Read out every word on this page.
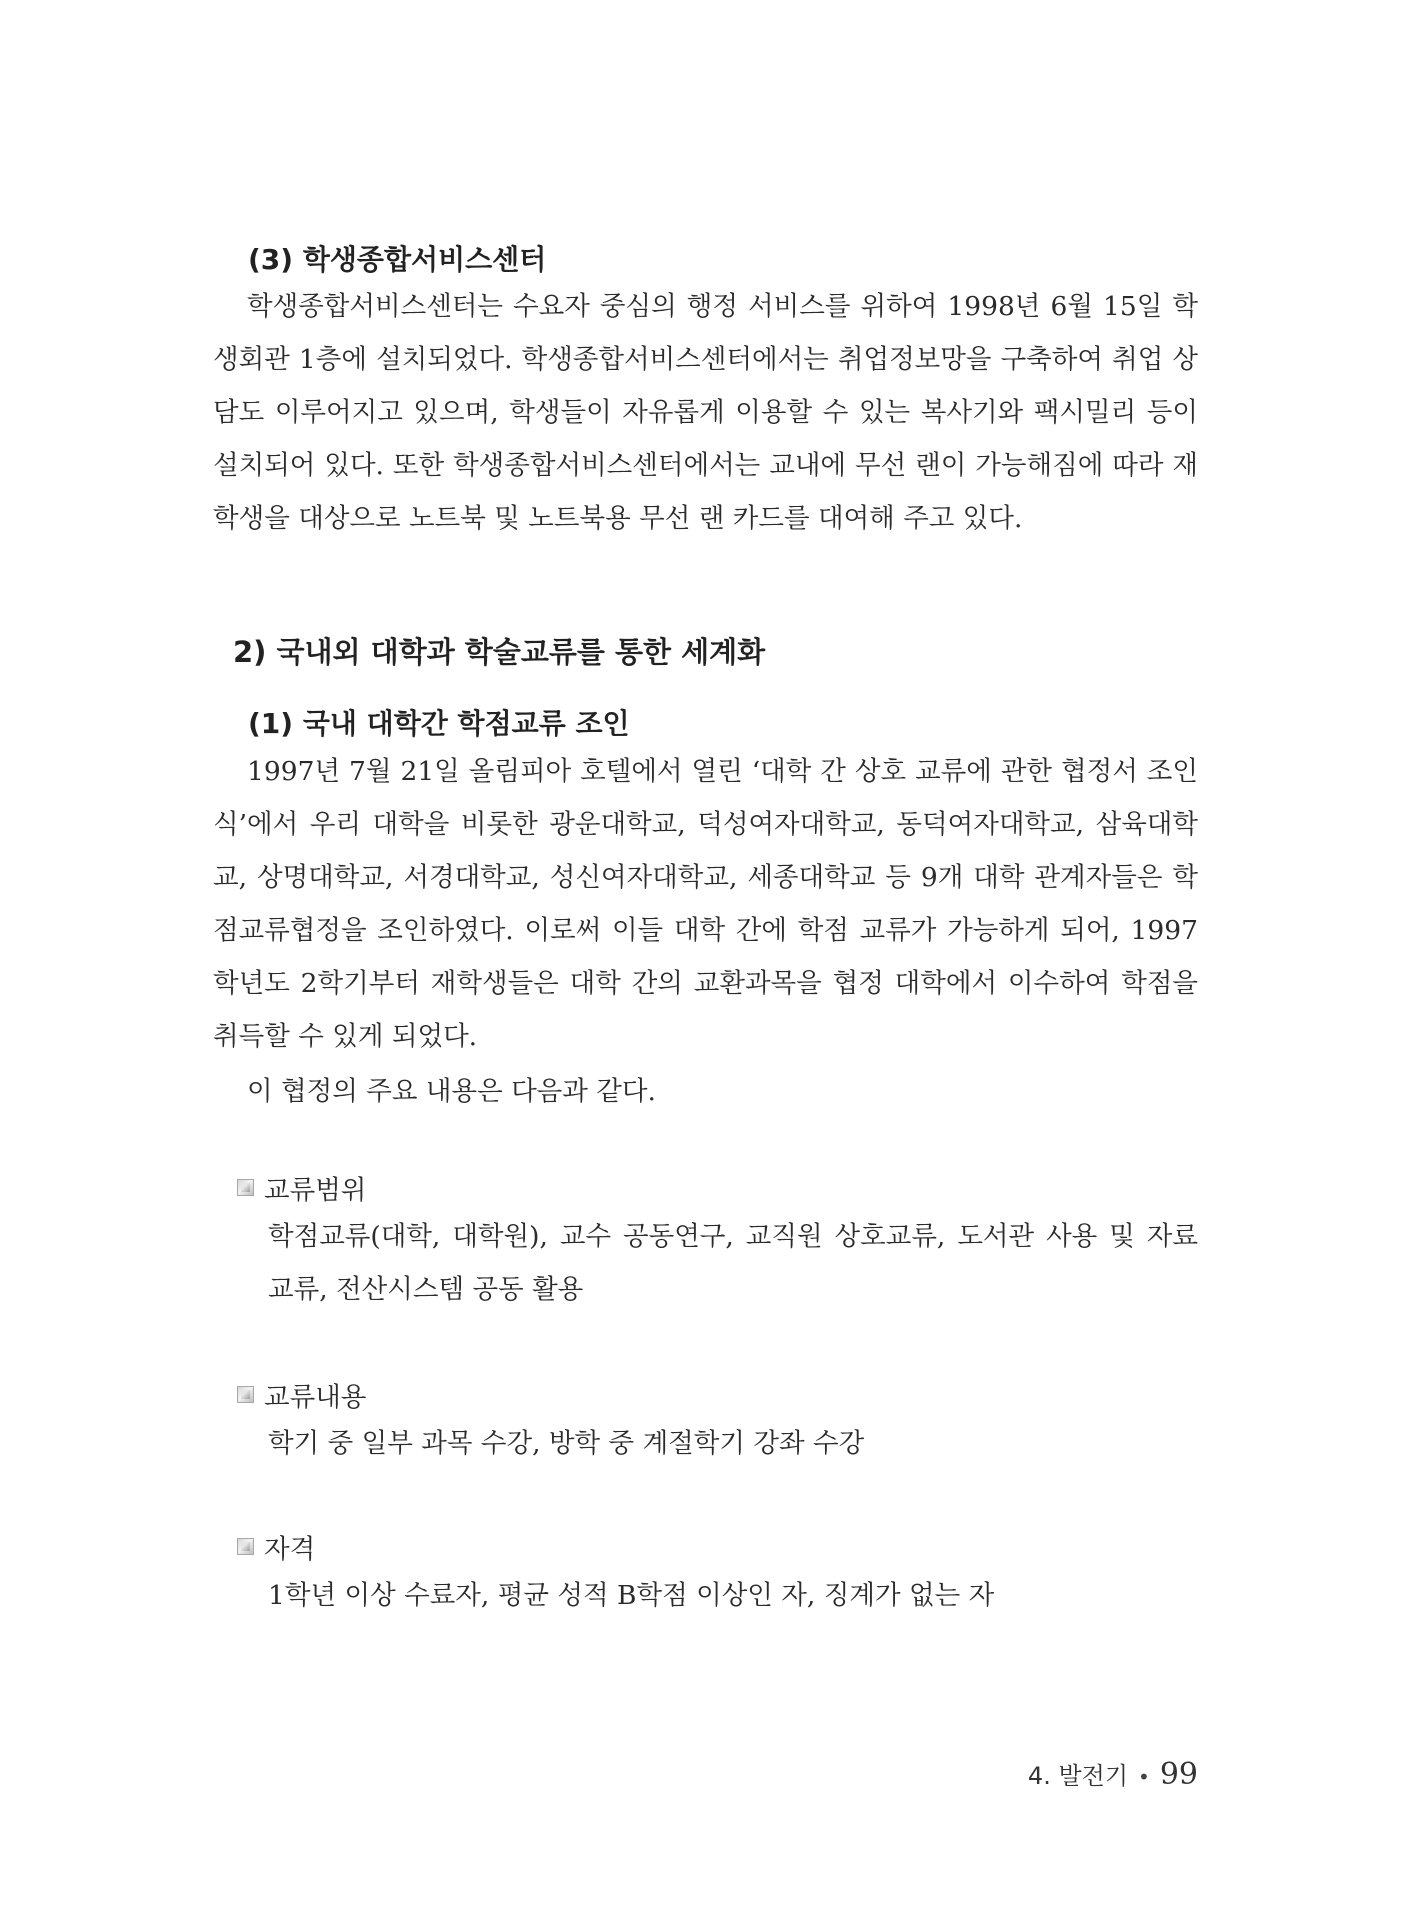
(3) 학생종합서비스센터

학생종합서비스센터는 수요자 중심의 행정 서비스를 위하여 1998년 6월 15일 학생회관 1층에 설치되었다. 학생종합서비스센터에서는 취업정보망을 구축하여 취업 상담도 이루어지고 있으며, 학생들이 자유롭게 이용할 수 있는 복사기와 팩시밀리 등이 설치되어 있다. 또한 학생종합서비스센터에서는 교내에 무선 랜이 가능해짐에 따라 재학생을 대상으로 노트북 및 노트북용 무선 랜 카드를 대여해 주고 있다.

2) 국내외 대학과 학술교류를 통한 세계화
(1) 국내 대학간 학점교류 조인

1997년 7월 21일 올림피아 호텔에서 열린 ‘대학 간 상호 교류에 관한 협정서 조인식’에서 우리 대학을 비롯한 광운대학교, 덕성여자대학교, 동덕여자대학교, 삼육대학교, 상명대학교, 서경대학교, 성신여자대학교, 세종대학교 등 9개 대학 관계자들은 학점교류협정을 조인하였다. 이로써 이들 대학 간에 학점 교류가 가능하게 되어, 1997학년도 2학기부터 재학생들은 대학 간의 교환과목을 협정 대학에서 이수하여 학점을 취득할 수 있게 되었다.

이 협정의 주요 내용은 다음과 같다.

교류범위

학점교류(대학, 대학원), 교수 공동연구, 교직원 상호교류, 도서관 사용 및 자료 교류, 전산시스템 공동 활용

교류내용

학기 중 일부 과목 수강, 방학 중 계절학기 강좌 수강

자격

1학년 이상 수료자, 평균 성적 B학점 이상인 자, 징계가 없는 자

4. 발전기 • 99
